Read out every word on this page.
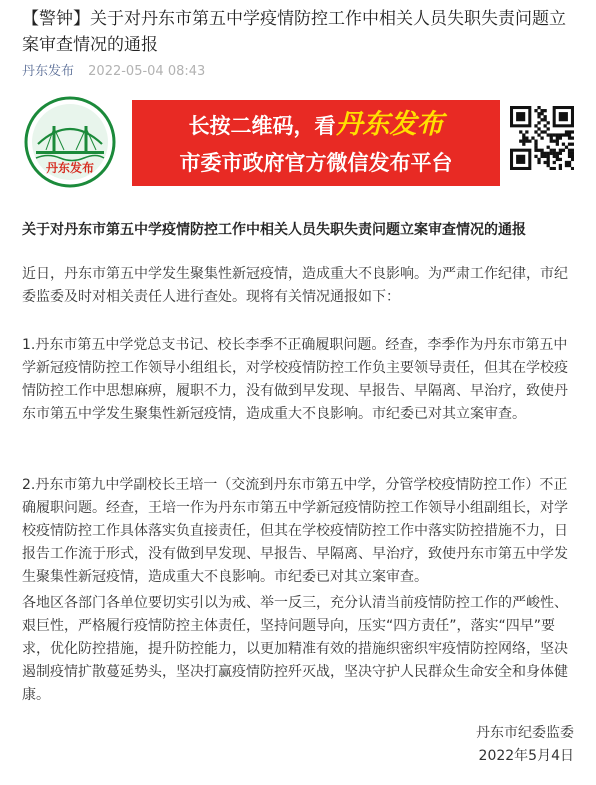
【警钟】关于对丹东市第五中学疫情防控工作中相关人员失职失责问题立案审查情况的通报
丹东发布 2022-05-04 08:43
丹东发布
长按二维码，看丹东发布
市委市政府官方微信发布平台
关于对丹东市第五中学疫情防控工作中相关人员失职失责问题立案审查情况的通报
近日，丹东市第五中学发生聚集性新冠疫情，造成重大不良影响。为严肃工作纪律，市纪委监委及时对相关责任人进行查处。现将有关情况通报如下：
1.丹东市第五中学党总支书记、校长李季不正确履职问题。经查，李季作为丹东市第五中学新冠疫情防控工作领导小组组长，对学校疫情防控工作负主要领导责任，但其在学校疫情防控工作中思想麻痹，履职不力，没有做到早发现、早报告、早隔离、早治疗，致使丹东市第五中学发生聚集性新冠疫情，造成重大不良影响。市纪委已对其立案审查。
2.丹东市第九中学副校长王培一（交流到丹东市第五中学，分管学校疫情防控工作）不正确履职问题。经查，王培一作为丹东市第五中学新冠疫情防控工作领导小组副组长，对学校疫情防控工作具体落实负直接责任，但其在学校疫情防控工作中落实防控措施不力，日报告工作流于形式，没有做到早发现、早报告、早隔离、早治疗，致使丹东市第五中学发生聚集性新冠疫情，造成重大不良影响。市纪委已对其立案审查。
各地区各部门各单位要切实引以为戒、举一反三，充分认清当前疫情防控工作的严峻性、艰巨性，严格履行疫情防控主体责任，坚持问题导向，压实“四方责任”，落实“四早”要求，优化防控措施，提升防控能力，以更加精准有效的措施织密织牢疫情防控网络，坚决遏制疫情扩散蔓延势头，坚决打赢疫情防控歼灭战，坚决守护人民群众生命安全和身体健康。
丹东市纪委监委
2022年5月4日
